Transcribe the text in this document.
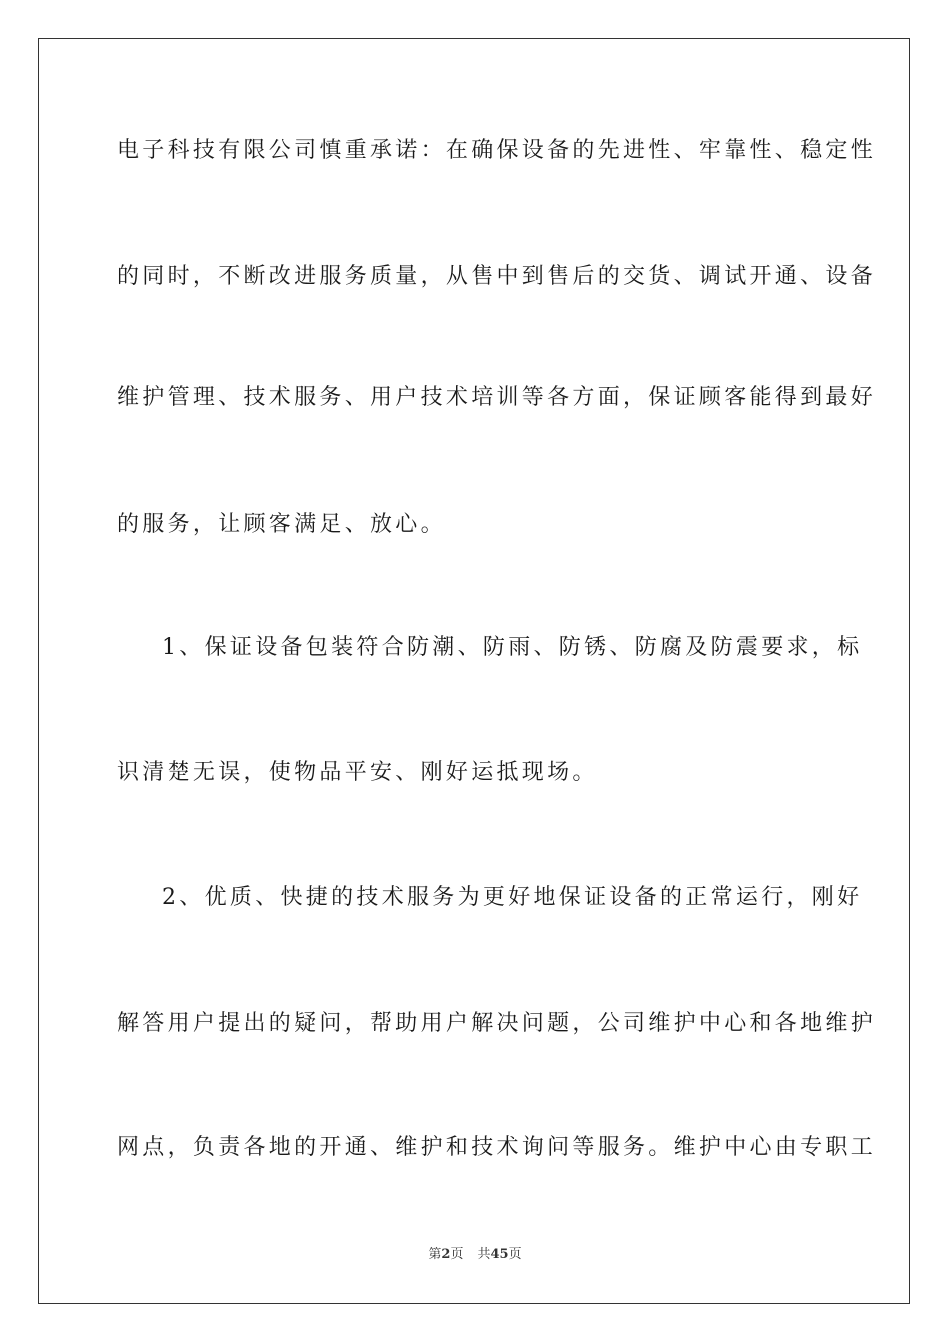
电子科技有限公司慎重承诺：在确保设备的先进性、牢靠性、稳定性
的同时，不断改进服务质量，从售中到售后的交货、调试开通、设备
维护管理、技术服务、用户技术培训等各方面，保证顾客能得到最好
的服务，让顾客满足、放心。
1、保证设备包装符合防潮、防雨、防锈、防腐及防震要求，标
识清楚无误，使物品平安、刚好运抵现场。
2、优质、快捷的技术服务为更好地保证设备的正常运行，刚好
解答用户提出的疑问，帮助用户解决问题，公司维护中心和各地维护
网点，负责各地的开通、维护和技术询问等服务。维护中心由专职工
第2页 共45页
